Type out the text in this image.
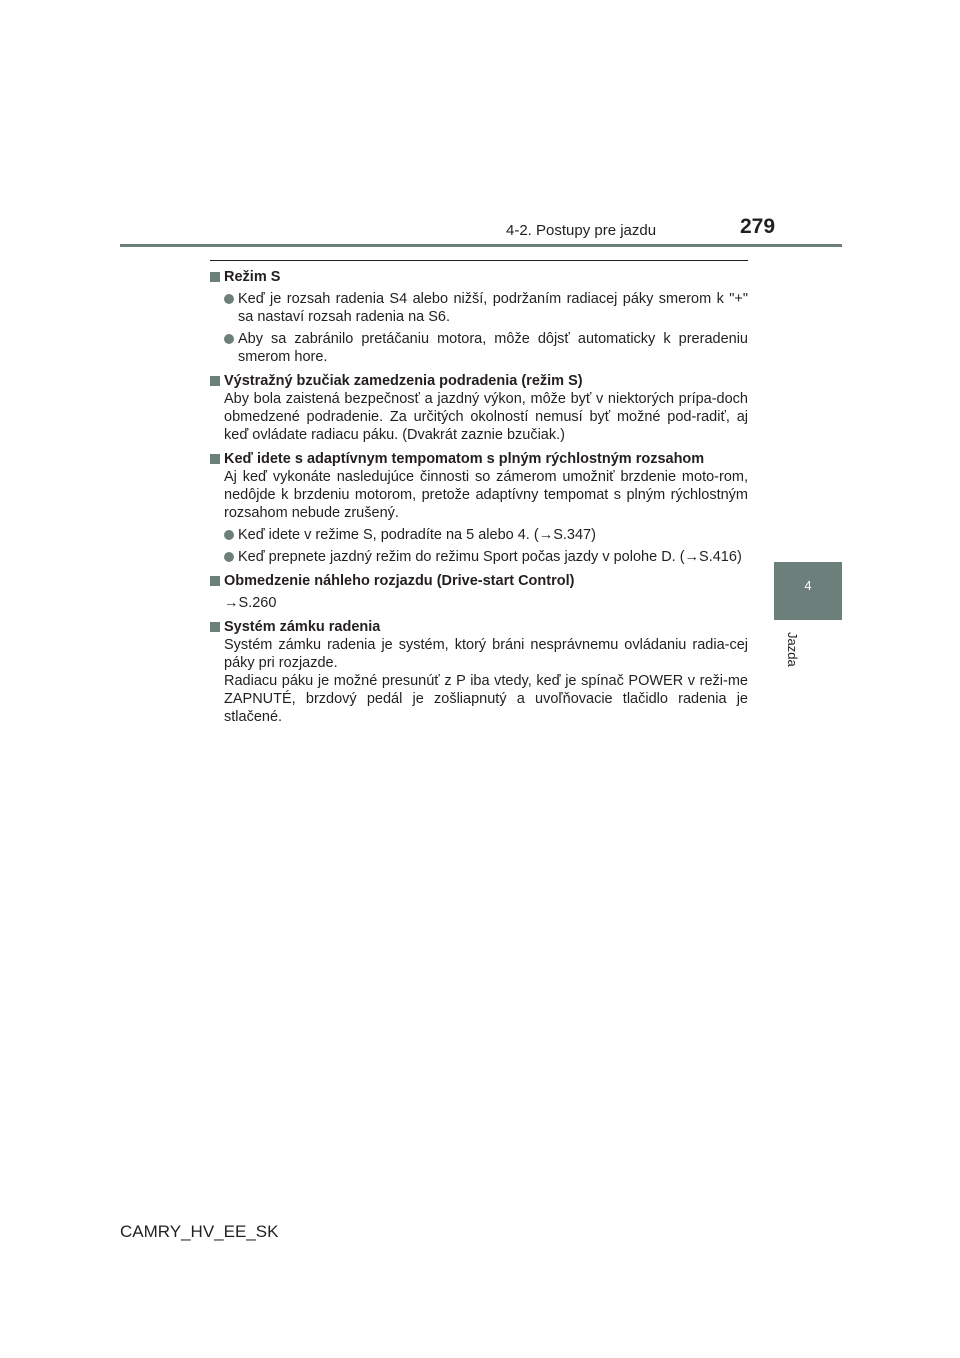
4-2. Postupy pre jazdu	279
4
Jazda
Režim S
Keď je rozsah radenia S4 alebo nižší, podržaním radiacej páky smerom k "+" sa nastaví rozsah radenia na S6.
Aby sa zabránilo pretáčaniu motora, môže dôjsť automaticky k preradeniu smerom hore.
Výstražný bzučiak zamedzenia podradenia (režim S)
Aby bola zaistená bezpečnosť a jazdný výkon, môže byť v niektorých prípa-doch obmedzené podradenie. Za určitých okolností nemusí byť možné pod-radiť, aj keď ovládate radiacu páku. (Dvakrát zaznie bzučiak.)
Keď idete s adaptívnym tempomatom s plným rýchlostným rozsahom
Aj keď vykonáte nasledujúce činnosti so zámerom umožniť brzdenie moto-rom, nedôjde k brzdeniu motorom, pretože adaptívny tempomat s plným rýchlostným rozsahom nebude zrušený.
Keď idete v režime S, podradíte na 5 alebo 4. (→S.347)
Keď prepnete jazdný režim do režimu Sport počas jazdy v polohe D. (→S.416)
Obmedzenie náhleho rozjazdu (Drive-start Control)
→S.260
Systém zámku radenia
Systém zámku radenia je systém, ktorý bráni nesprávnemu ovládaniu radia-cej páky pri rozjazde.
Radiacu páku je možné presunúť z P iba vtedy, keď je spínač POWER v reži-me ZAPNUTÉ, brzdový pedál je zošliapnutý a uvoľňovacie tlačidlo radenia je stlačené.
CAMRY_HV_EE_SK
